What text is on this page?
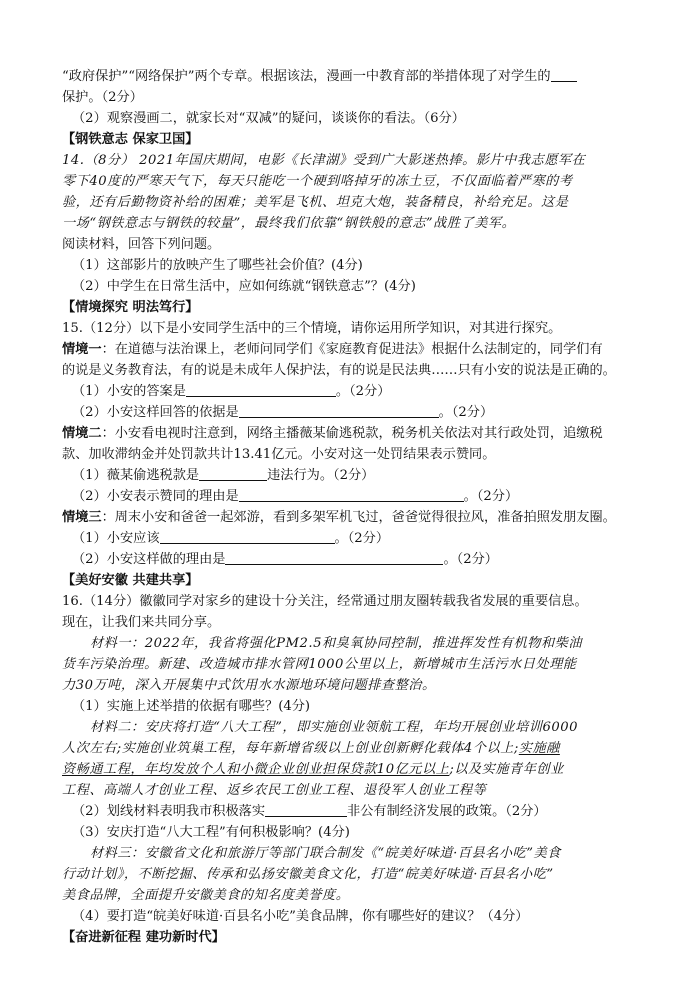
“政府保护”“网络保护”两个专章。根据该法，漫画一中教育部的举措体现了对学生的
保护。（2分）
（2）观察漫画二，就家长对“双减”的疑问，谈谈你的看法。（6分）
【钢铁意志 保家卫国】
14.（8分） 2021年国庆期间，电影《长津湖》受到广大影迷热捧。影片中我志愿军在
零下40度的严寒天气下，每天只能吃一个硬到咯掉牙的冻土豆，不仅面临着严寒的考
验，还有后勤物资补给的困难；美军是飞机、坦克大炮，装备精良，补给充足。这是
一场“钢铁意志与钢铁的较量”，最终我们依靠“钢铁般的意志”战胜了美军。
阅读材料，回答下列问题。
（1）这部影片的放映产生了哪些社会价值？(4分)
（2）中学生在日常生活中，应如何练就“钢铁意志”？(4分)
【情境探究 明法笃行】
15.（12分）以下是小安同学生活中的三个情境，请你运用所学知识，对其进行探究。
情境一：在道德与法治课上，老师问同学们《家庭教育促进法》根据什么法制定的，同学们有
的说是义务教育法，有的说是未成年人保护法，有的说是民法典……只有小安的说法是正确的。
（1）小安的答案是	。（2分）
（2）小安这样回答的依据是	。（2分）
情境二：小安看电视时注意到，网络主播薇某偷逃税款，税务机关依法对其行政处罚，追缴税
款、加收滞纳金并处罚款共计13.41亿元。小安对这一处罚结果表示赞同。
（1）薇某偷逃税款是	违法行为。（2分）
（2）小安表示赞同的理由是	。（2分）
情境三：周末小安和爸爸一起郊游，看到多架军机飞过，爸爸觉得很拉风，准备拍照发朋友圈。
（1）小安应该	。（2分）
（2）小安这样做的理由是	。（2分）
【美好安徽 共建共享】
16.（14分）徽徽同学对家乡的建设十分关注，经常通过朋友圈转载我省发展的重要信息。
现在，让我们来共同分享。
材料一：2022年，我省将强化PM2.5和臭氧协同控制，推进挥发性有机物和柴油
货车污染治理。新建、改造城市排水管网1000公里以上，新增城市生活污水日处理能
力30万吨，深入开展集中式饮用水水源地环境问题排查整治。
（1）实施上述举措的依据有哪些？(4分)
材料二：安庆将打造“八大工程”，即实施创业领航工程，年均开展创业培训6000
人次左右;实施创业筑巢工程，每年新增省级以上创业创新孵化载体4个以上;实施融
资畅通工程，年均发放个人和小微企业创业担保贷款10亿元以上;以及实施青年创业
工程、高端人才创业工程、返乡农民工创业工程、退役军人创业工程等
（2）划线材料表明我市积极落实	非公有制经济发展的政策。（2分）
（3）安庆打造“八大工程”有何积极影响？(4分)
材料三：安徽省文化和旅游厅等部门联合制发《“皖美好味道·百县名小吃”美食
行动计划》，不断挖掘、传承和弘扬安徽美食文化，打造“皖美好味道·百县名小吃”
美食品牌，全面提升安徽美食的知名度美誉度。
（4）要打造“皖美好味道·百县名小吃”美食品牌，你有哪些好的建议？（4分）
【奋进新征程 建功新时代】
